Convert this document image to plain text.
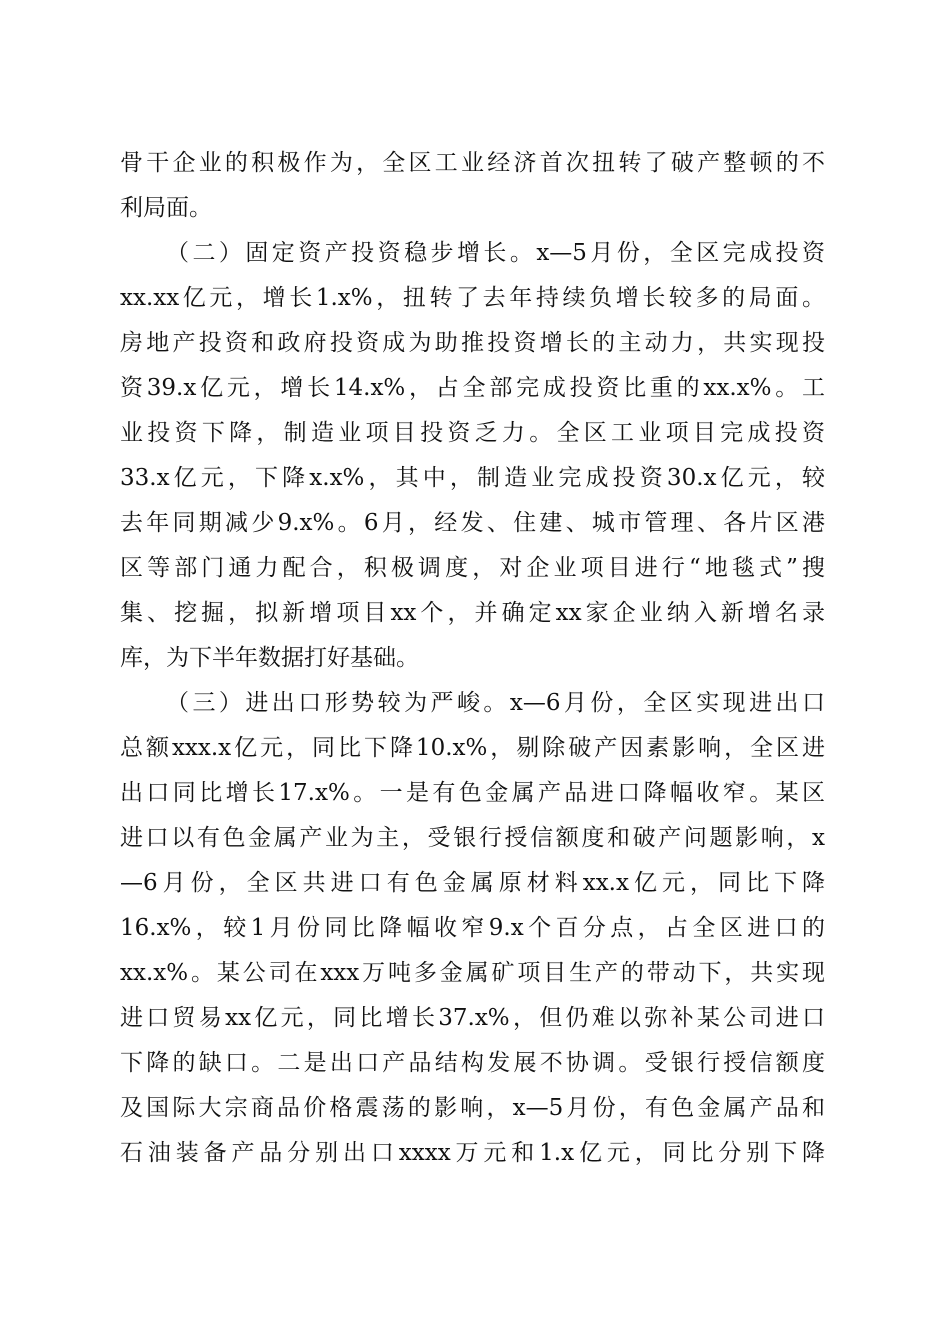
骨干企业的积极作为，全区工业经济首次扭转了破产整顿的不
利局面。
（二）固定资产投资稳步增长。x—5月份，全区完成投资
xx.xx亿元，增长1.x%，扭转了去年持续负增长较多的局面。
房地产投资和政府投资成为助推投资增长的主动力，共实现投
资39.x亿元，增长14.x%，占全部完成投资比重的xx.x%。工
业投资下降，制造业项目投资乏力。全区工业项目完成投资
33.x亿元，下降x.x%，其中，制造业完成投资30.x亿元，较
去年同期减少9.x%。6月，经发、住建、城市管理、各片区港
区等部门通力配合，积极调度，对企业项目进行“地毯式”搜
集、挖掘，拟新增项目xx个，并确定xx家企业纳入新增名录
库，为下半年数据打好基础。
（三）进出口形势较为严峻。x—6月份，全区实现进出口
总额xxx.x亿元，同比下降10.x%，剔除破产因素影响，全区进
出口同比增长17.x%。一是有色金属产品进口降幅收窄。某区
进口以有色金属产业为主，受银行授信额度和破产问题影响，x
—6月份，全区共进口有色金属原材料xx.x亿元，同比下降
16.x%，较1月份同比降幅收窄9.x个百分点，占全区进口的
xx.x%。某公司在xxx万吨多金属矿项目生产的带动下，共实现
进口贸易xx亿元，同比增长37.x%，但仍难以弥补某公司进口
下降的缺口。二是出口产品结构发展不协调。受银行授信额度
及国际大宗商品价格震荡的影响，x—5月份，有色金属产品和
石油装备产品分别出口xxxx万元和1.x亿元，同比分别下降
